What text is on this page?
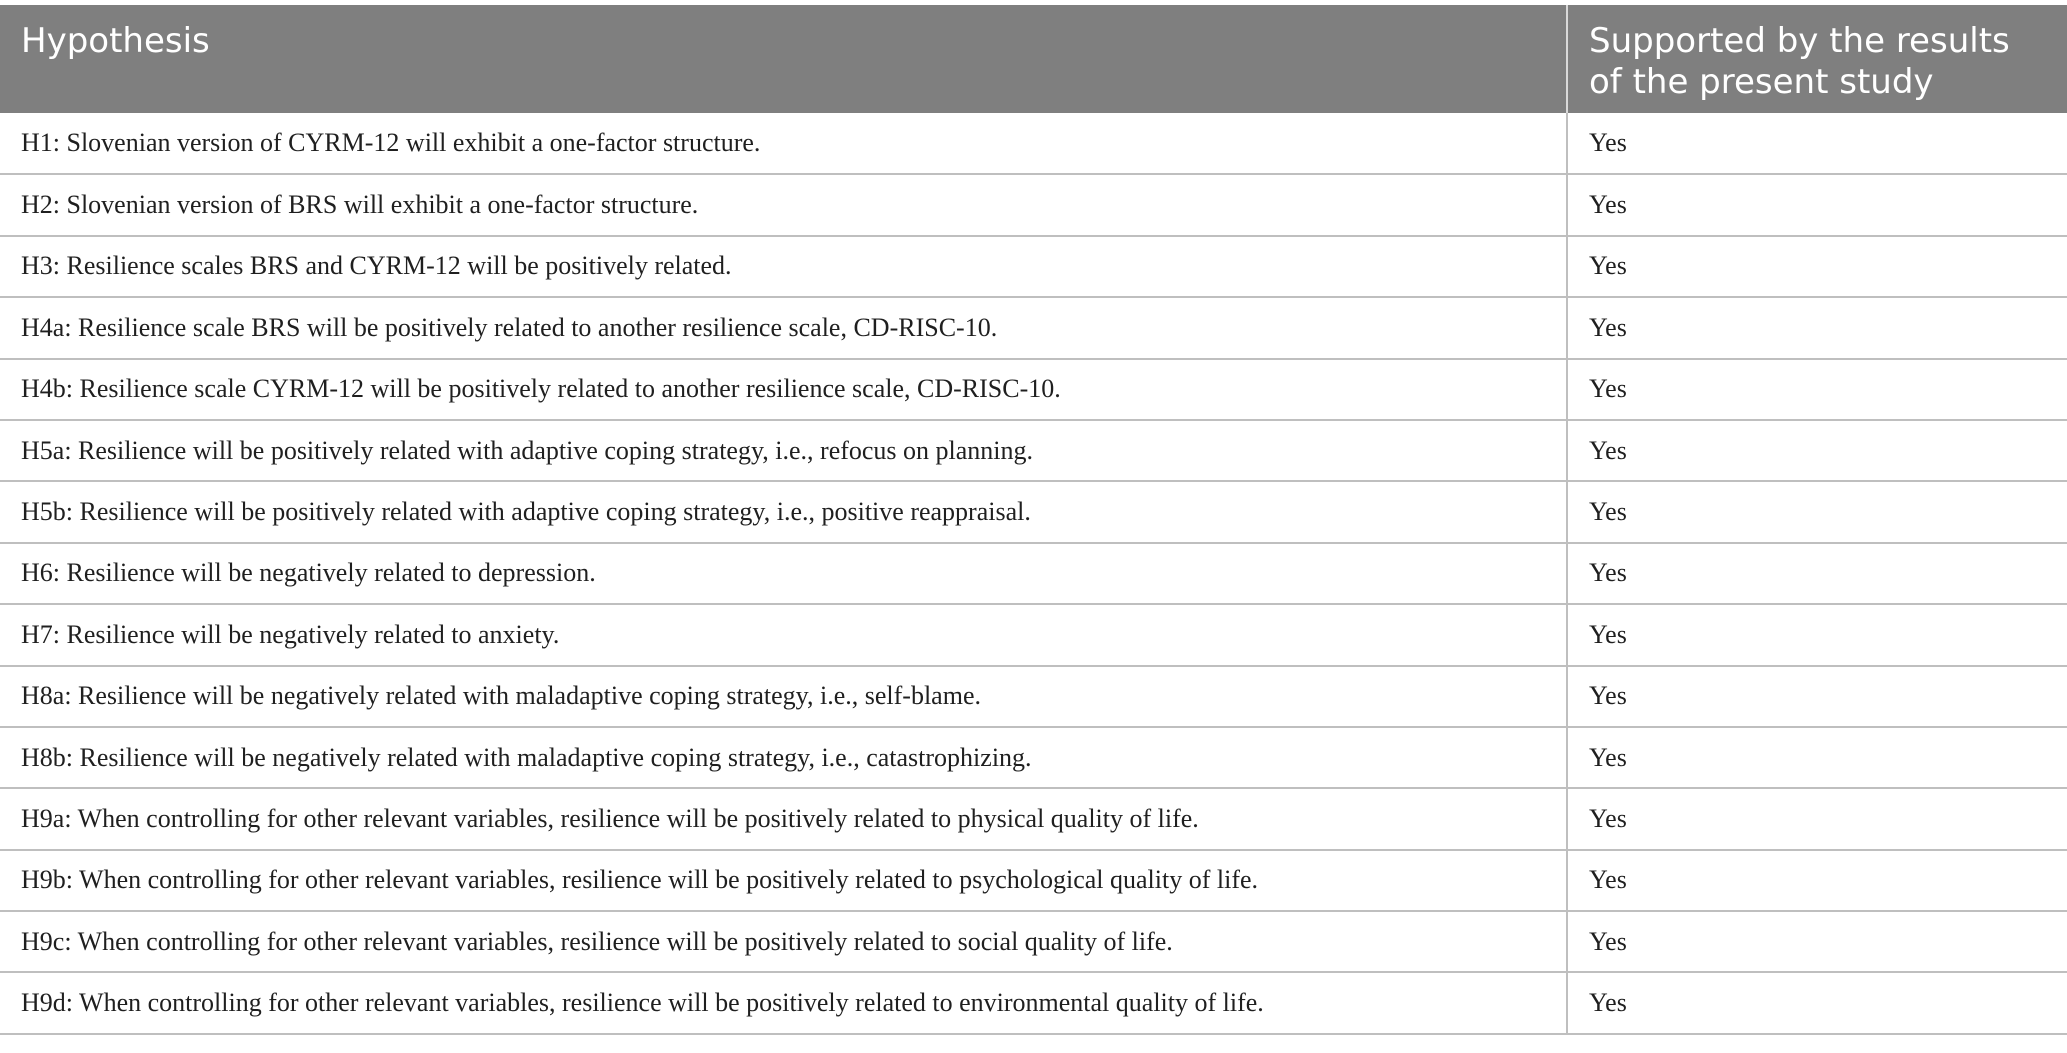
Hypothesis	Supported by the results of the present study
H1: Slovenian version of CYRM-12 will exhibit a one-factor structure.	Yes
H2: Slovenian version of BRS will exhibit a one-factor structure.	Yes
H3: Resilience scales BRS and CYRM-12 will be positively related.	Yes
H4a: Resilience scale BRS will be positively related to another resilience scale, CD-RISC-10.	Yes
H4b: Resilience scale CYRM-12 will be positively related to another resilience scale, CD-RISC-10.	Yes
H5a: Resilience will be positively related with adaptive coping strategy, i.e., refocus on planning.	Yes
H5b: Resilience will be positively related with adaptive coping strategy, i.e., positive reappraisal.	Yes
H6: Resilience will be negatively related to depression.	Yes
H7: Resilience will be negatively related to anxiety.	Yes
H8a: Resilience will be negatively related with maladaptive coping strategy, i.e., self-blame.	Yes
H8b: Resilience will be negatively related with maladaptive coping strategy, i.e., catastrophizing.	Yes
H9a: When controlling for other relevant variables, resilience will be positively related to physical quality of life.	Yes
H9b: When controlling for other relevant variables, resilience will be positively related to psychological quality of life.	Yes
H9c: When controlling for other relevant variables, resilience will be positively related to social quality of life.	Yes
H9d: When controlling for other relevant variables, resilience will be positively related to environmental quality of life.	Yes
